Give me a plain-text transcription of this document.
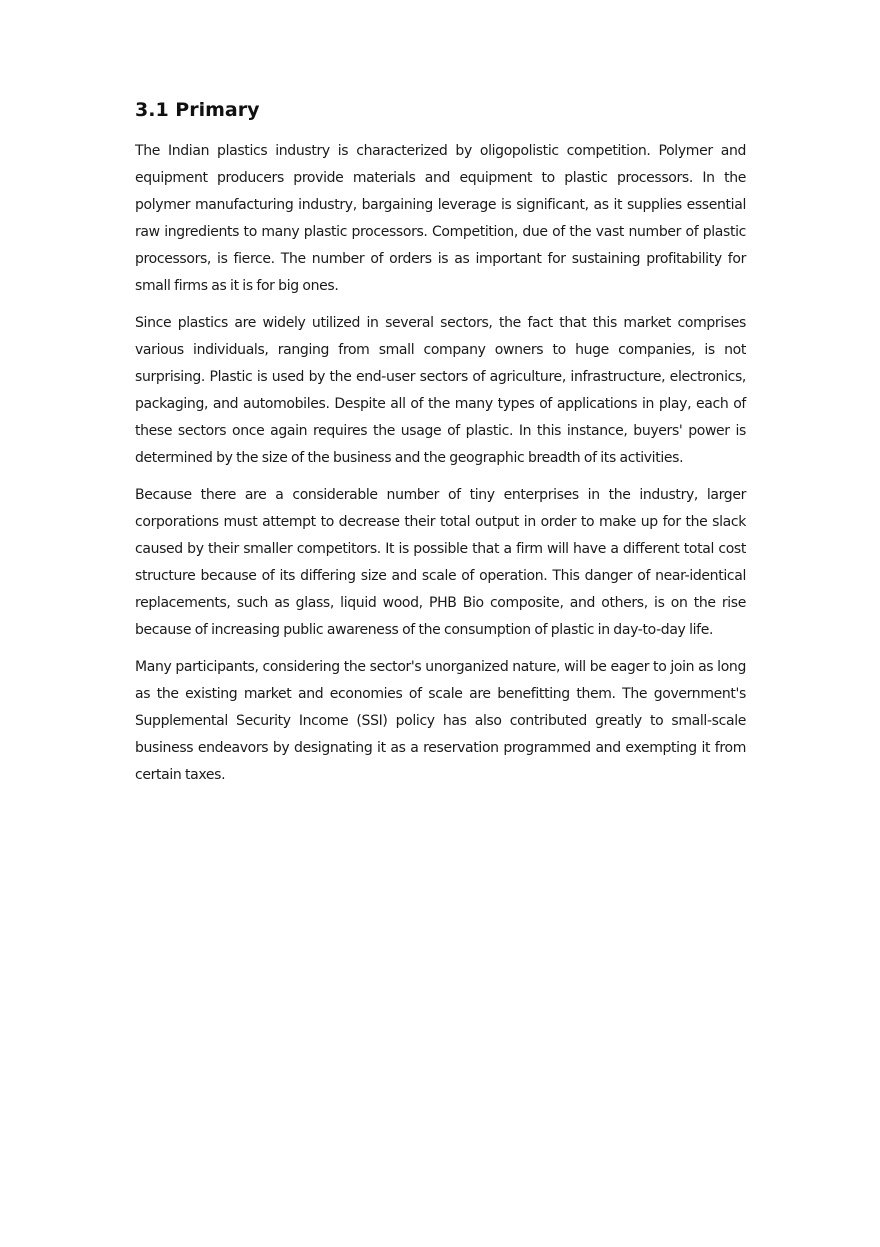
3.1 Primary

The Indian plastics industry is characterized by oligopolistic competition. Polymer and equipment producers provide materials and equipment to plastic processors. In the polymer manufacturing industry, bargaining leverage is significant, as it supplies essential raw ingredients to many plastic processors. Competition, due of the vast number of plastic processors, is fierce. The number of orders is as important for sustaining profitability for small firms as it is for big ones.

Since plastics are widely utilized in several sectors, the fact that this market comprises various individuals, ranging from small company owners to huge companies, is not surprising. Plastic is used by the end-user sectors of agriculture, infrastructure, electronics, packaging, and automobiles. Despite all of the many types of applications in play, each of these sectors once again requires the usage of plastic. In this instance, buyers' power is determined by the size of the business and the geographic breadth of its activities.

Because there are a considerable number of tiny enterprises in the industry, larger corporations must attempt to decrease their total output in order to make up for the slack caused by their smaller competitors. It is possible that a firm will have a different total cost structure because of its differing size and scale of operation. This danger of near-identical replacements, such as glass, liquid wood, PHB Bio composite, and others, is on the rise because of increasing public awareness of the consumption of plastic in day-to-day life.

Many participants, considering the sector's unorganized nature, will be eager to join as long as the existing market and economies of scale are benefitting them. The government's Supplemental Security Income (SSI) policy has also contributed greatly to small-scale business endeavors by designating it as a reservation programmed and exempting it from certain taxes.
